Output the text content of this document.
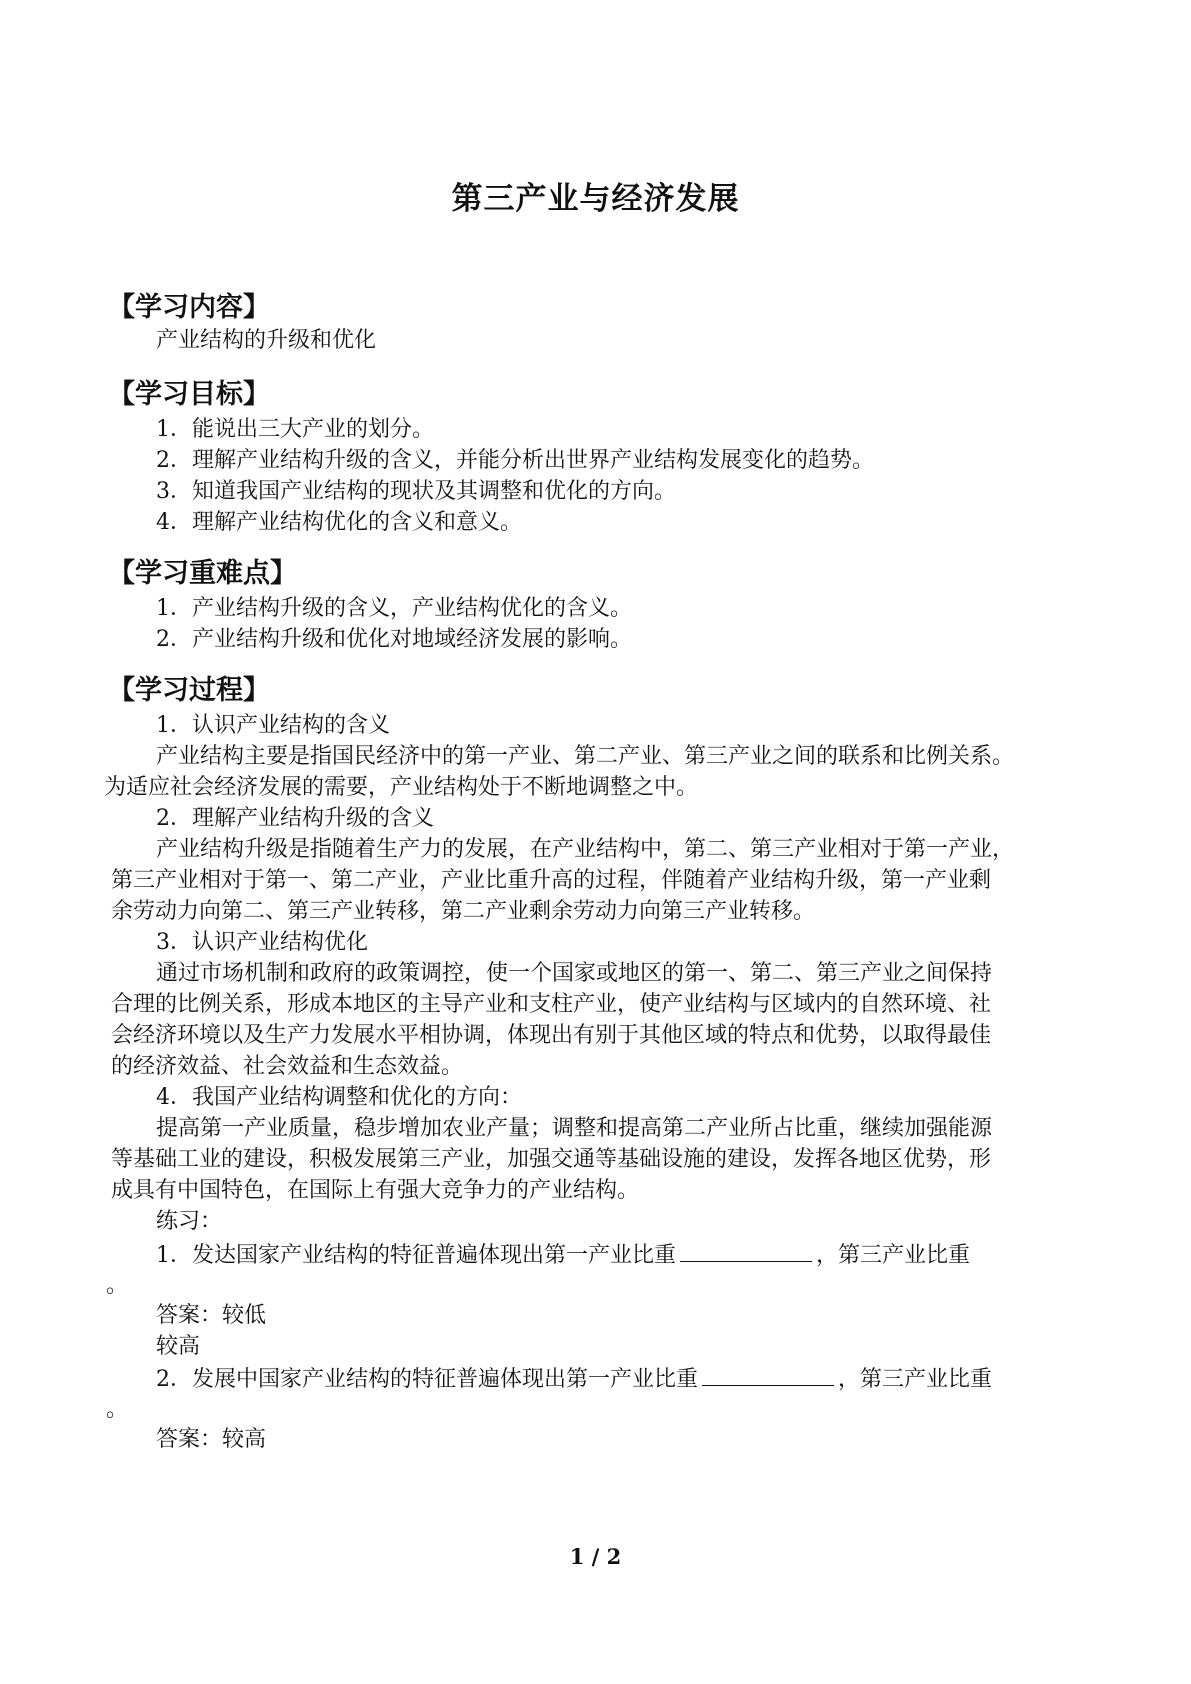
第三产业与经济发展
【学习内容】
产业结构的升级和优化
【学习目标】
1．能说出三大产业的划分。
2．理解产业结构升级的含义，并能分析出世界产业结构发展变化的趋势。
3．知道我国产业结构的现状及其调整和优化的方向。
4．理解产业结构优化的含义和意义。
【学习重难点】
1．产业结构升级的含义，产业结构优化的含义。
2．产业结构升级和优化对地域经济发展的影响。
【学习过程】
1．认识产业结构的含义
产业结构主要是指国民经济中的第一产业、第二产业、第三产业之间的联系和比例关系。
为适应社会经济发展的需要，产业结构处于不断地调整之中。
2．理解产业结构升级的含义
产业结构升级是指随着生产力的发展，在产业结构中，第二、第三产业相对于第一产业，
第三产业相对于第一、第二产业，产业比重升高的过程，伴随着产业结构升级，第一产业剩
余劳动力向第二、第三产业转移，第二产业剩余劳动力向第三产业转移。
3．认识产业结构优化
通过市场机制和政府的政策调控，使一个国家或地区的第一、第二、第三产业之间保持
合理的比例关系，形成本地区的主导产业和支柱产业，使产业结构与区域内的自然环境、社
会经济环境以及生产力发展水平相协调，体现出有别于其他区域的特点和优势，以取得最佳
的经济效益、社会效益和生态效益。
4．我国产业结构调整和优化的方向：
提高第一产业质量，稳步增加农业产量；调整和提高第二产业所占比重，继续加强能源
等基础工业的建设，积极发展第三产业，加强交通等基础设施的建设，发挥各地区优势，形
成具有中国特色，在国际上有强大竞争力的产业结构。
练习：
1．发达国家产业结构的特征普遍体现出第一产业比重	，第三产业比重
。
答案：较低
较高
2．发展中国家产业结构的特征普遍体现出第一产业比重	，第三产业比重
。
答案：较高
1 / 2
